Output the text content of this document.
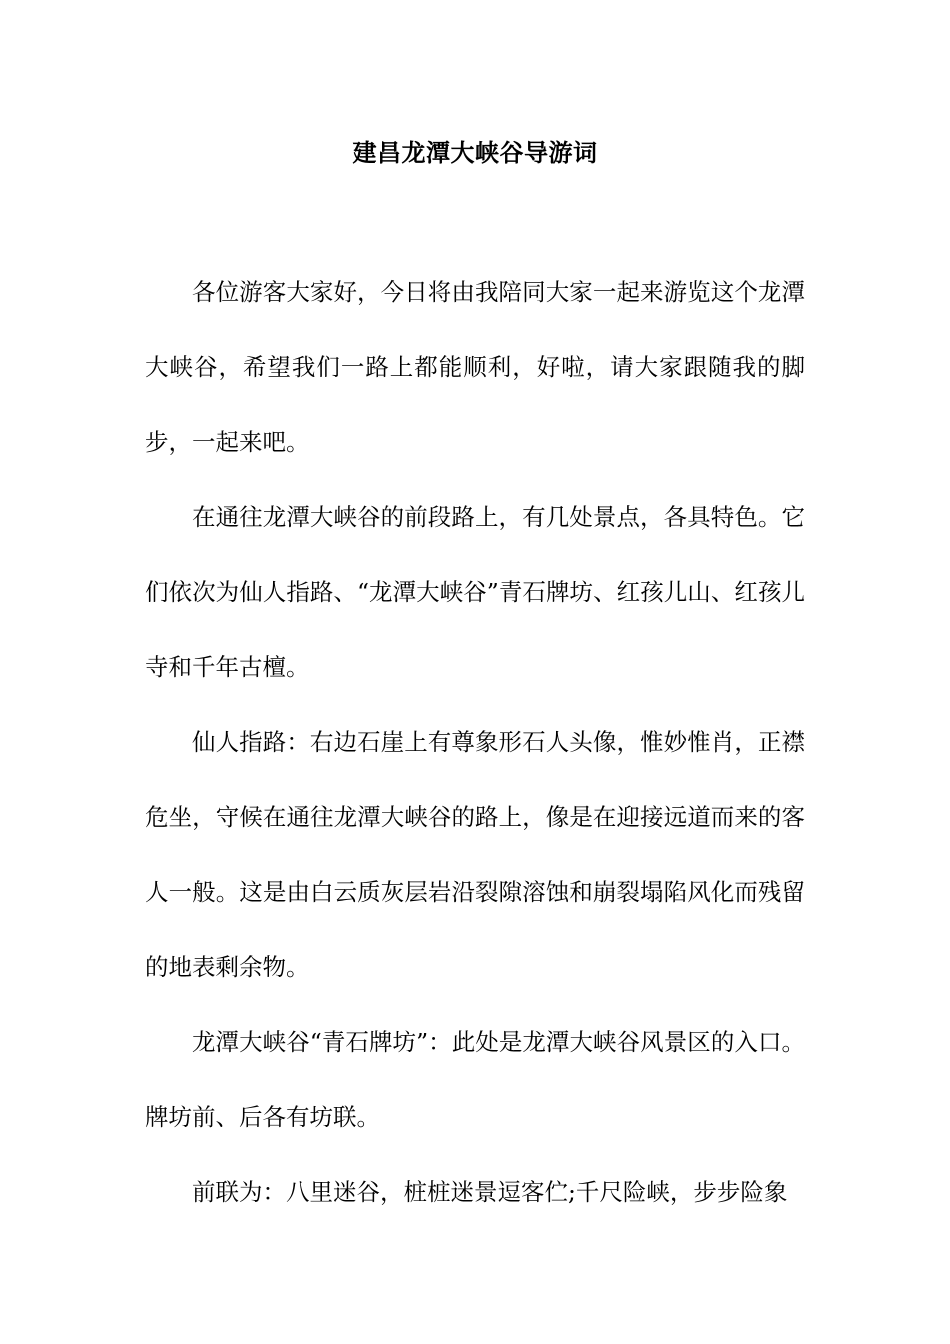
建昌龙潭大峡谷导游词

各位游客大家好，今日将由我陪同大家一起来游览这个龙潭大峡谷，希望我们一路上都能顺利，好啦，请大家跟随我的脚步，一起来吧。

在通往龙潭大峡谷的前段路上，有几处景点，各具特色。它们依次为仙人指路、“龙潭大峡谷”青石牌坊、红孩儿山、红孩儿寺和千年古檀。

仙人指路：右边石崖上有尊象形石人头像，惟妙惟肖，正襟危坐，守候在通往龙潭大峡谷的路上，像是在迎接远道而来的客人一般。这是由白云质灰层岩沿裂隙溶蚀和崩裂塌陷风化而残留的地表剩余物。

龙潭大峡谷“青石牌坊”：此处是龙潭大峡谷风景区的入口。牌坊前、后各有坊联。

前联为：八里迷谷，桩桩迷景逗客伫;千尺险峡，步步险象
